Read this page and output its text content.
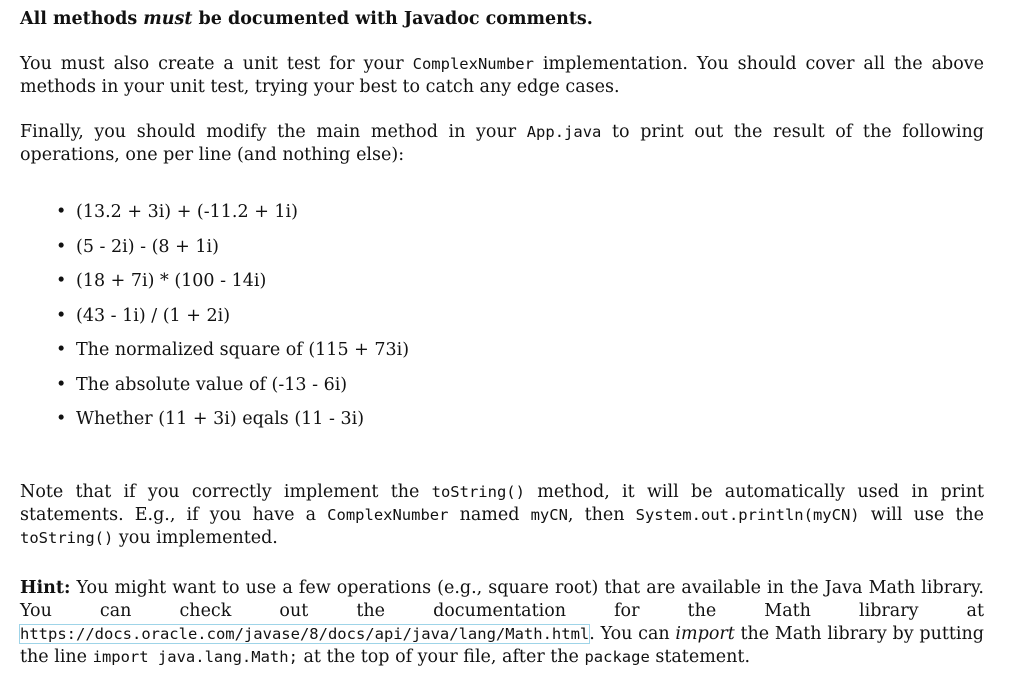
All methods must be documented with Javadoc comments.

You must also create a unit test for your ComplexNumber implementation. You should cover all the above methods in your unit test, trying your best to catch any edge cases.

Finally, you should modify the main method in your App.java to print out the result of the following operations, one per line (and nothing else):

• (13.2 + 3i) + (-11.2 + 1i)
• (5 - 2i) - (8 + 1i)
• (18 + 7i) * (100 - 14i)
• (43 - 1i) / (1 + 2i)
• The normalized square of (115 + 73i)
• The absolute value of (-13 - 6i)
• Whether (11 + 3i) eqals (11 - 3i)

Note that if you correctly implement the toString() method, it will be automatically used in print statements. E.g., if you have a ComplexNumber named myCN, then System.out.println(myCN) will use the toString() you implemented.

Hint: You might want to use a few operations (e.g., square root) that are available in the Java Math library. You can check out the documentation for the Math library at https://docs.oracle.com/javase/8/docs/api/java/lang/Math.html. You can import the Math library by putting the line import java.lang.Math; at the top of your file, after the package statement.
